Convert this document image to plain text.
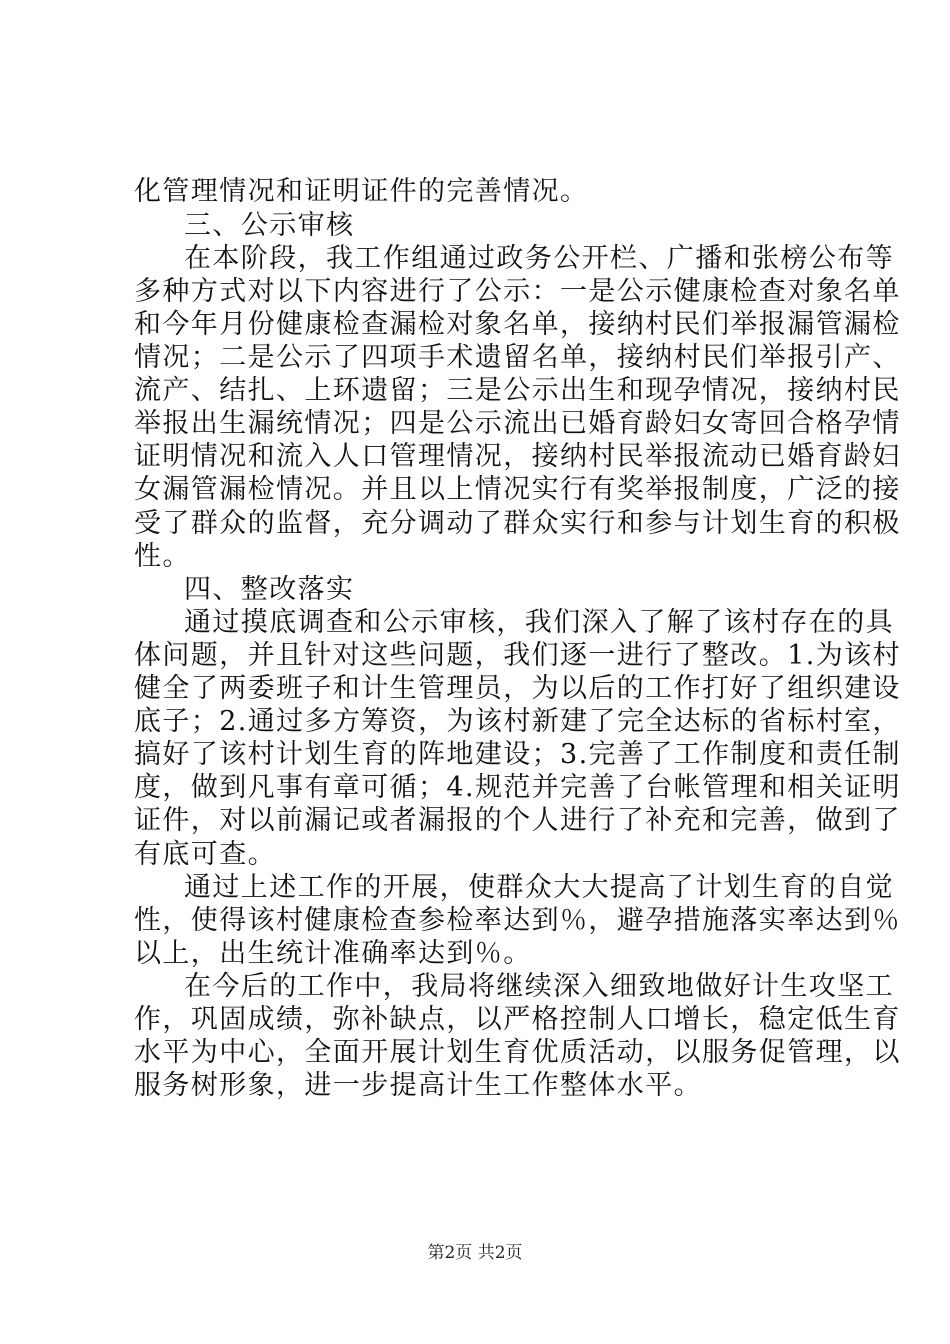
化管理情况和证明证件的完善情况。
三、公示审核
在本阶段，我工作组通过政务公开栏、广播和张榜公布等
多种方式对以下内容进行了公示：一是公示健康检查对象名单
和今年月份健康检查漏检对象名单，接纳村民们举报漏管漏检
情况；二是公示了四项手术遗留名单，接纳村民们举报引产、
流产、结扎、上环遗留；三是公示出生和现孕情况，接纳村民
举报出生漏统情况；四是公示流出已婚育龄妇女寄回合格孕情
证明情况和流入人口管理情况，接纳村民举报流动已婚育龄妇
女漏管漏检情况。并且以上情况实行有奖举报制度，广泛的接
受了群众的监督，充分调动了群众实行和参与计划生育的积极
性。
四、整改落实
通过摸底调查和公示审核，我们深入了解了该村存在的具
体问题，并且针对这些问题，我们逐一进行了整改。1.为该村
健全了两委班子和计生管理员，为以后的工作打好了组织建设
底子；2.通过多方筹资，为该村新建了完全达标的省标村室，
搞好了该村计划生育的阵地建设；3.完善了工作制度和责任制
度，做到凡事有章可循；4.规范并完善了台帐管理和相关证明
证件，对以前漏记或者漏报的个人进行了补充和完善，做到了
有底可查。
通过上述工作的开展，使群众大大提高了计划生育的自觉
性，使得该村健康检查参检率达到％，避孕措施落实率达到％
以上，出生统计准确率达到％。
在今后的工作中，我局将继续深入细致地做好计生攻坚工
作，巩固成绩，弥补缺点，以严格控制人口增长，稳定低生育
水平为中心，全面开展计划生育优质活动，以服务促管理，以
服务树形象，进一步提高计生工作整体水平。
第2页 共2页
